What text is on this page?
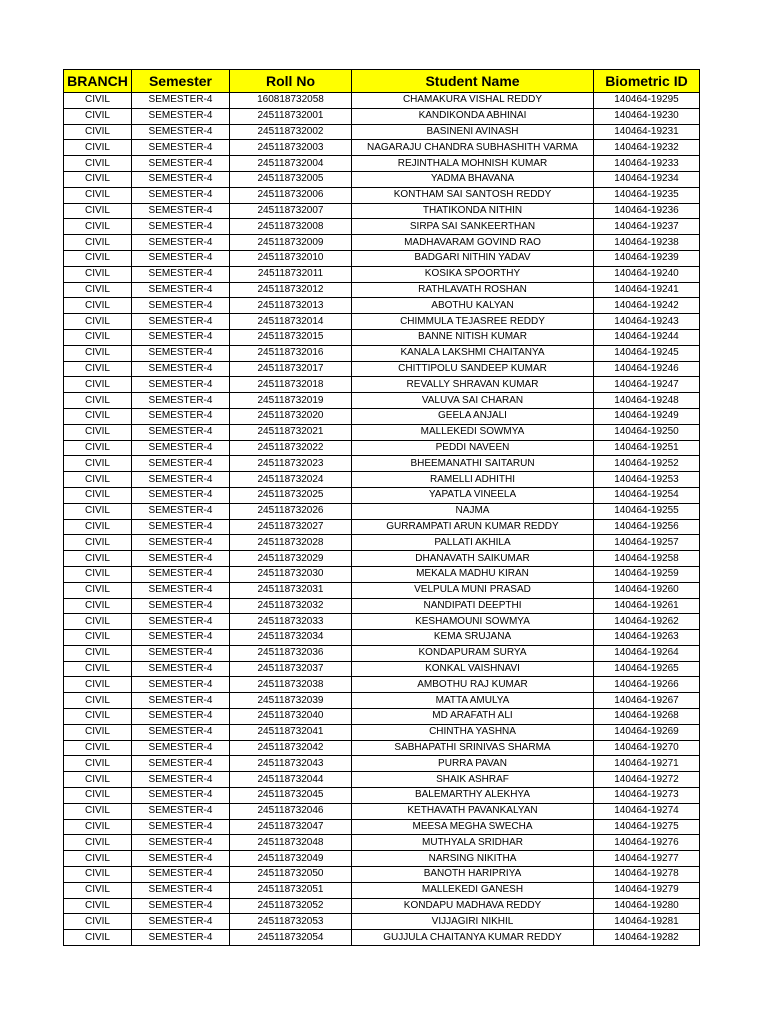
BRANCH	Semester	Roll No	Student Name	Biometric ID
CIVIL	SEMESTER-4	160818732058	CHAMAKURA VISHAL REDDY	140464-19295
CIVIL	SEMESTER-4	245118732001	KANDIKONDA ABHINAI	140464-19230
CIVIL	SEMESTER-4	245118732002	BASINENI AVINASH	140464-19231
CIVIL	SEMESTER-4	245118732003	NAGARAJU CHANDRA SUBHASHITH VARMA	140464-19232
CIVIL	SEMESTER-4	245118732004	REJINTHALA MOHNISH KUMAR	140464-19233
CIVIL	SEMESTER-4	245118732005	YADMA BHAVANA	140464-19234
CIVIL	SEMESTER-4	245118732006	KONTHAM SAI SANTOSH REDDY	140464-19235
CIVIL	SEMESTER-4	245118732007	THATIKONDA NITHIN	140464-19236
CIVIL	SEMESTER-4	245118732008	SIRPA SAI SANKEERTHAN	140464-19237
CIVIL	SEMESTER-4	245118732009	MADHAVARAM GOVIND RAO	140464-19238
CIVIL	SEMESTER-4	245118732010	BADGARI NITHIN YADAV	140464-19239
CIVIL	SEMESTER-4	245118732011	KOSIKA SPOORTHY	140464-19240
CIVIL	SEMESTER-4	245118732012	RATHLAVATH ROSHAN	140464-19241
CIVIL	SEMESTER-4	245118732013	ABOTHU KALYAN	140464-19242
CIVIL	SEMESTER-4	245118732014	CHIMMULA TEJASREE REDDY	140464-19243
CIVIL	SEMESTER-4	245118732015	BANNE NITISH KUMAR	140464-19244
CIVIL	SEMESTER-4	245118732016	KANALA LAKSHMI CHAITANYA	140464-19245
CIVIL	SEMESTER-4	245118732017	CHITTIPOLU SANDEEP KUMAR	140464-19246
CIVIL	SEMESTER-4	245118732018	REVALLY SHRAVAN KUMAR	140464-19247
CIVIL	SEMESTER-4	245118732019	VALUVA SAI CHARAN	140464-19248
CIVIL	SEMESTER-4	245118732020	GEELA ANJALI	140464-19249
CIVIL	SEMESTER-4	245118732021	MALLEKEDI SOWMYA	140464-19250
CIVIL	SEMESTER-4	245118732022	PEDDI NAVEEN	140464-19251
CIVIL	SEMESTER-4	245118732023	BHEEMANATHI SAITARUN	140464-19252
CIVIL	SEMESTER-4	245118732024	RAMELLI ADHITHI	140464-19253
CIVIL	SEMESTER-4	245118732025	YAPATLA VINEELA	140464-19254
CIVIL	SEMESTER-4	245118732026	NAJMA	140464-19255
CIVIL	SEMESTER-4	245118732027	GURRAMPATI ARUN KUMAR REDDY	140464-19256
CIVIL	SEMESTER-4	245118732028	PALLATI AKHILA	140464-19257
CIVIL	SEMESTER-4	245118732029	DHANAVATH SAIKUMAR	140464-19258
CIVIL	SEMESTER-4	245118732030	MEKALA MADHU KIRAN	140464-19259
CIVIL	SEMESTER-4	245118732031	VELPULA MUNI PRASAD	140464-19260
CIVIL	SEMESTER-4	245118732032	NANDIPATI DEEPTHI	140464-19261
CIVIL	SEMESTER-4	245118732033	KESHAMOUNI SOWMYA	140464-19262
CIVIL	SEMESTER-4	245118732034	KEMA SRUJANA	140464-19263
CIVIL	SEMESTER-4	245118732036	KONDAPURAM SURYA	140464-19264
CIVIL	SEMESTER-4	245118732037	KONKAL VAISHNAVI	140464-19265
CIVIL	SEMESTER-4	245118732038	AMBOTHU RAJ KUMAR	140464-19266
CIVIL	SEMESTER-4	245118732039	MATTA AMULYA	140464-19267
CIVIL	SEMESTER-4	245118732040	MD ARAFATH ALI	140464-19268
CIVIL	SEMESTER-4	245118732041	CHINTHA YASHNA	140464-19269
CIVIL	SEMESTER-4	245118732042	SABHAPATHI SRINIVAS SHARMA	140464-19270
CIVIL	SEMESTER-4	245118732043	PURRA PAVAN	140464-19271
CIVIL	SEMESTER-4	245118732044	SHAIK ASHRAF	140464-19272
CIVIL	SEMESTER-4	245118732045	BALEMARTHY ALEKHYA	140464-19273
CIVIL	SEMESTER-4	245118732046	KETHAVATH PAVANKALYAN	140464-19274
CIVIL	SEMESTER-4	245118732047	MEESA MEGHA SWECHA	140464-19275
CIVIL	SEMESTER-4	245118732048	MUTHYALA SRIDHAR	140464-19276
CIVIL	SEMESTER-4	245118732049	NARSING NIKITHA	140464-19277
CIVIL	SEMESTER-4	245118732050	BANOTH HARIPRIYA	140464-19278
CIVIL	SEMESTER-4	245118732051	MALLEKEDI GANESH	140464-19279
CIVIL	SEMESTER-4	245118732052	KONDAPU MADHAVA REDDY	140464-19280
CIVIL	SEMESTER-4	245118732053	VIJJAGIRI NIKHIL	140464-19281
CIVIL	SEMESTER-4	245118732054	GUJJULA CHAITANYA KUMAR REDDY	140464-19282
